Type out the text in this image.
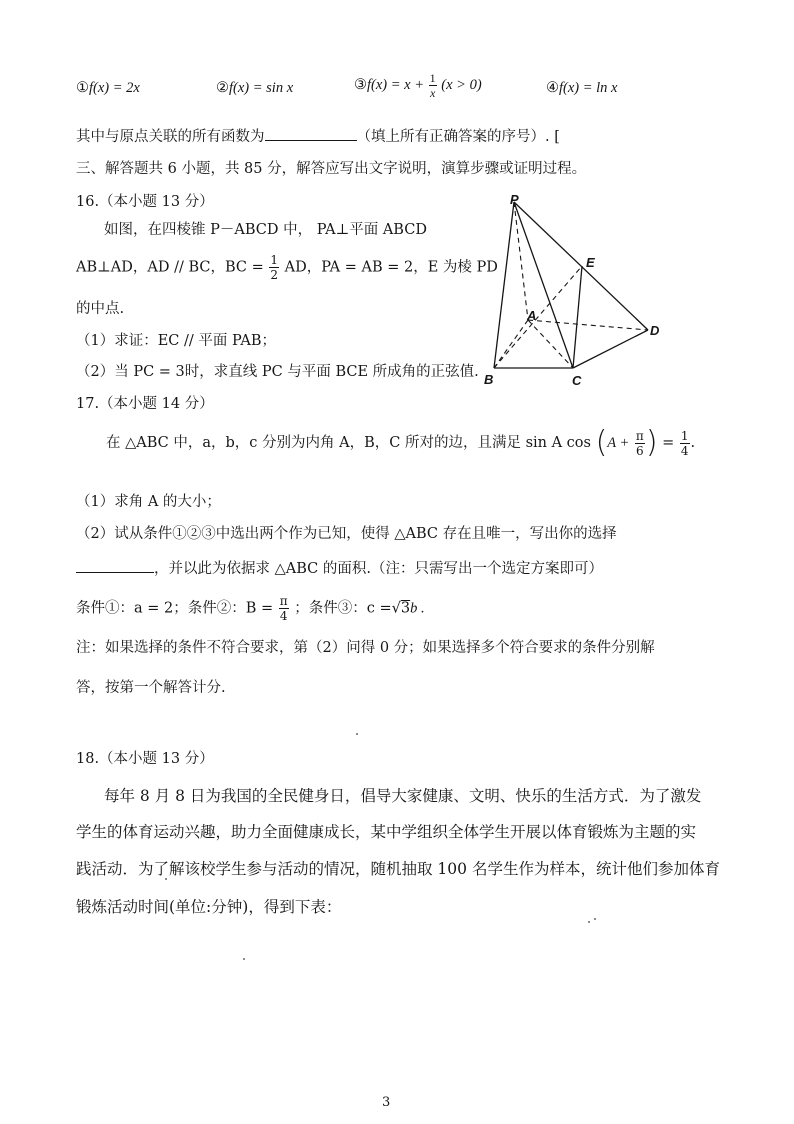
①f(x) = 2x	②f(x) = sin x	③f(x) = $x + \frac{1}{x} (x > 0)$	④f(x) = ln x
其中与原点关联的所有函数为	（填上所有正确答案的序号）. [
三、解答题共 6 小题，共 85 分，解答应写出文字说明，演算步骤或证明过程。
16.（本小题 13 分）
如图，在四棱锥 P－ABCD 中， PA⊥平面 ABCD
AB⊥AD，AD // BC，BC = $\frac{1}{2}$ AD，PA = AB = 2，E 为棱 PD
的中点.
（1）求证：EC // 平面 PAB；
（2）当 PC = 3时，求直线 PC 与平面 BCE 所成角的正弦值.
P
E
A
D
B	C
17.（本小题 14 分）
在 △ABC 中，a，b，c 分别为内角 A，B，C 所对的边，且满足 sin A $\cos (A + \frac{\pi}{6}$ ) = $\frac{1}{4}$ .
（1）求角 A 的大小；
（2）试从条件①②③中选出两个作为已知，使得 △ABC 存在且唯一，写出你的选择
，并以此为依据求 △ABC 的面积.（注：只需写出一个选定方案即可）
条件①：a = 2；条件②：$B = \frac{\pi}{4}$ ；条件③：c =√3b .
注：如果选择的条件不符合要求，第（2）问得 0 分；如果选择多个符合要求的条件分别解
答，按第一个解答计分.
18.（本小题 13 分）
每年 8 月 8 日为我国的全民健身日，倡导大家健康、文明、快乐的生活方式．为了激发
学生的体育运动兴趣，助力全面健康成长，某中学组织全体学生开展以体育锻炼为主题的实
践活动．为了解该校学生参与活动的情况，随机抽取 100 名学生作为样本，统计他们参加体育
锻炼活动时间(单位:分钟)，得到下表：
3
